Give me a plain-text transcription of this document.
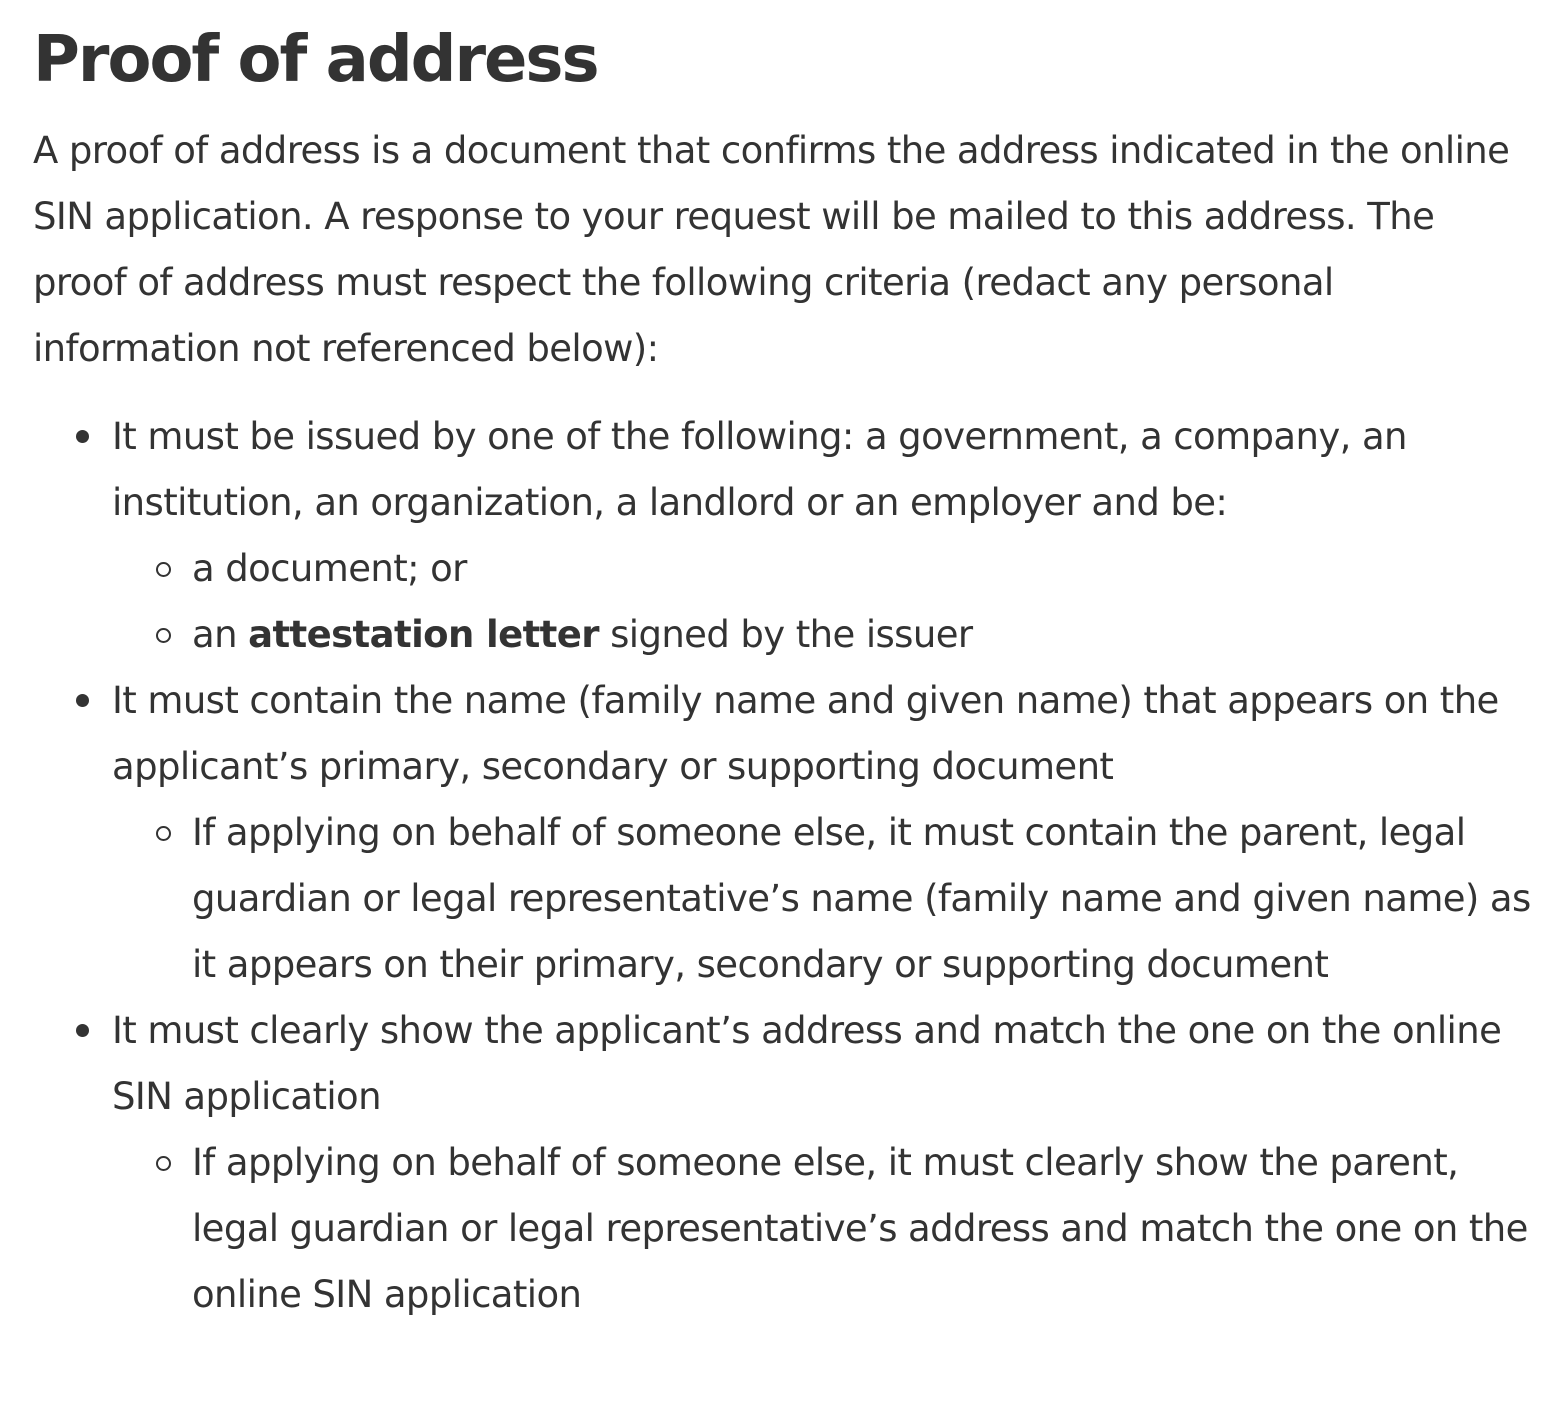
Proof of address

A proof of address is a document that confirms the address indicated in the online SIN application. A response to your request will be mailed to this address. The proof of address must respect the following criteria (redact any personal information not referenced below):

It must be issued by one of the following: a government, a company, an institution, an organization, a landlord or an employer and be:
a document; or
an attestation letter signed by the issuer
It must contain the name (family name and given name) that appears on the applicant’s primary, secondary or supporting document
If applying on behalf of someone else, it must contain the parent, legal guardian or legal representative’s name (family name and given name) as it appears on their primary, secondary or supporting document
It must clearly show the applicant’s address and match the one on the online SIN application
If applying on behalf of someone else, it must clearly show the parent, legal guardian or legal representative’s address and match the one on the online SIN application
